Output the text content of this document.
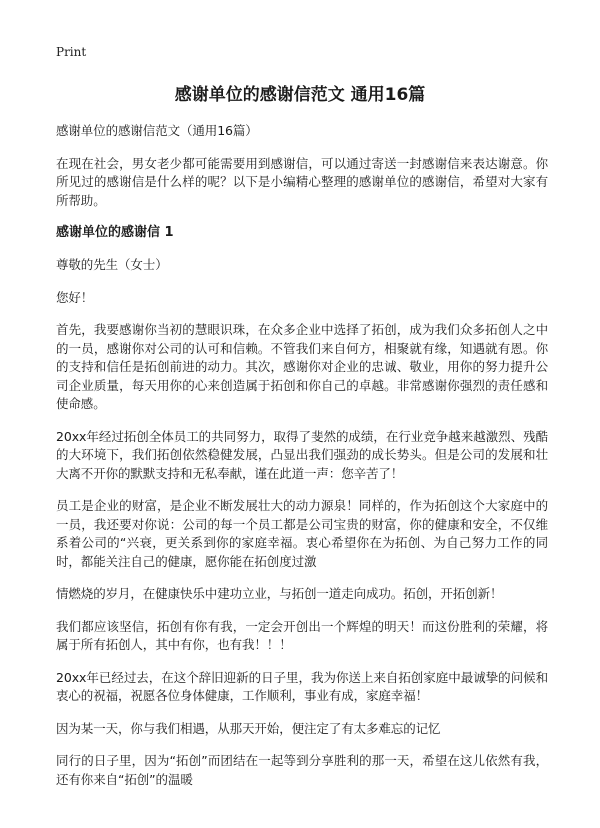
Print
感谢单位的感谢信范文 通用16篇

感谢单位的感谢信范文（通用16篇）

在现在社会，男女老少都可能需要用到感谢信，可以通过寄送一封感谢信来表达谢意。你所见过的感谢信是什么样的呢？以下是小编精心整理的感谢单位的感谢信，希望对大家有所帮助。

感谢单位的感谢信 1

尊敬的先生（女士）

您好！

首先，我要感谢你当初的慧眼识珠，在众多企业中选择了拓创，成为我们众多拓创人之中的一员，感谢你对公司的认可和信赖。不管我们来自何方，相聚就有缘，知遇就有恩。你的支持和信任是拓创前进的动力。其次，感谢你对企业的忠诚、敬业，用你的努力提升公司企业质量，每天用你的心来创造属于拓创和你自己的卓越。非常感谢你强烈的责任感和使命感。

20xx年经过拓创全体员工的共同努力，取得了斐然的成绩，在行业竞争越来越激烈、残酷的大环境下，我们拓创依然稳健发展，凸显出我们强劲的成长势头。但是公司的发展和壮大离不开你的默默支持和无私奉献，谨在此道一声：您辛苦了！

员工是企业的财富，是企业不断发展壮大的动力源泉！同样的，作为拓创这个大家庭中的一员，我还要对你说：公司的每一个员工都是公司宝贵的财富，你的健康和安全，不仅维系着公司的“兴衰，更关系到你的家庭幸福。衷心希望你在为拓创、为自己努力工作的同时，都能关注自己的健康，愿你能在拓创度过激

情燃烧的岁月，在健康快乐中建功立业，与拓创一道走向成功。拓创，开拓创新！

我们都应该坚信，拓创有你有我，一定会开创出一个辉煌的明天！而这份胜利的荣耀，将属于所有拓创人，其中有你，也有我！！！

20xx年已经过去，在这个辞旧迎新的日子里，我为你送上来自拓创家庭中最诚挚的问候和衷心的祝福，祝愿各位身体健康，工作顺利，事业有成，家庭幸福！

因为某一天，你与我们相遇，从那天开始，便注定了有太多难忘的记忆

同行的日子里，因为“拓创”而团结在一起等到分享胜利的那一天，希望在这儿依然有我，还有你来自“拓创”的温暖
